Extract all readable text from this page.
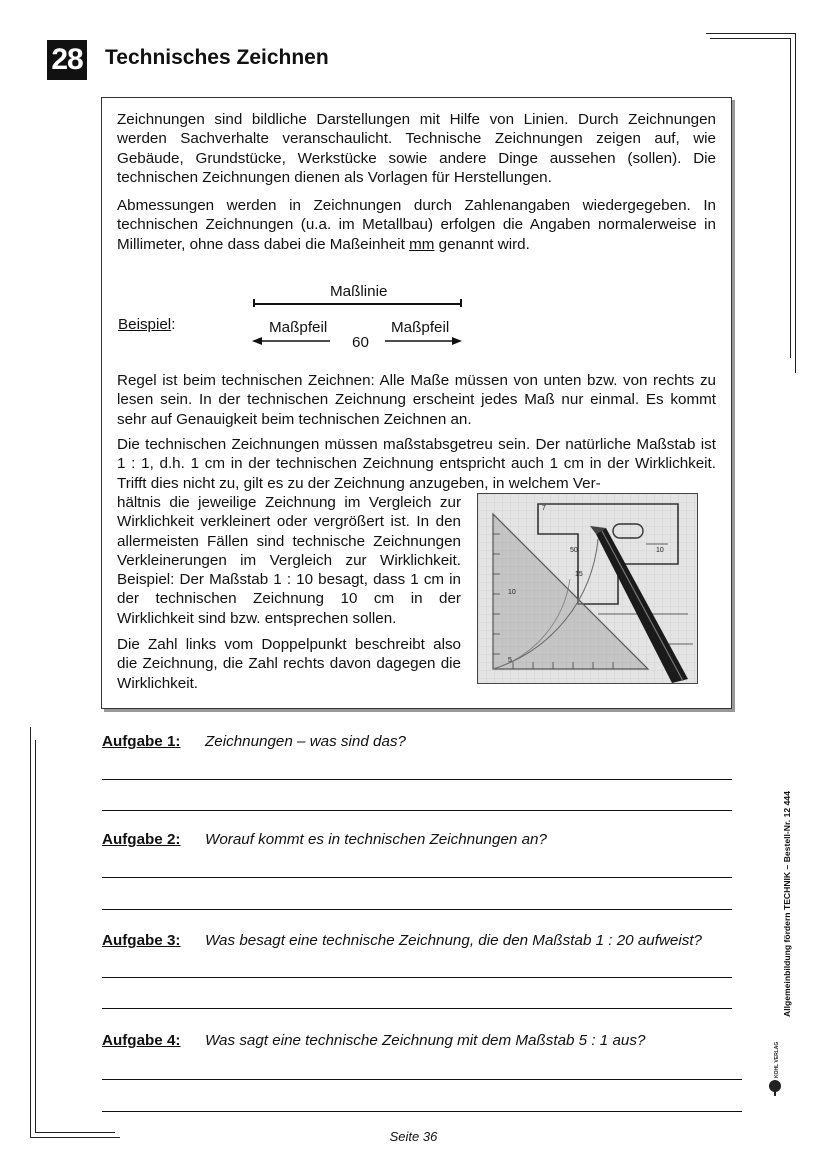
28 Technisches Zeichnen
Zeichnungen sind bildliche Darstellungen mit Hilfe von Linien. Durch Zeichnungen werden Sachverhalte veranschaulicht. Technische Zeichnungen zeigen auf, wie Gebäude, Grundstücke, Werkstücke sowie andere Dinge aussehen (sollen). Die technischen Zeichnungen dienen als Vorlagen für Herstellungen.
Abmessungen werden in Zeichnungen durch Zahlenangaben wiedergegeben. In technischen Zeichnungen (u.a. im Metallbau) erfolgen die Angaben normalerweise in Millimeter, ohne dass dabei die Maßeinheit mm genannt wird.
Beispiel:
Maßlinie
Maßpfeil	Maßpfeil
60
Regel ist beim technischen Zeichnen: Alle Maße müssen von unten bzw. von rechts zu lesen sein. In der technischen Zeichnung erscheint jedes Maß nur einmal. Es kommt sehr auf Genauigkeit beim technischen Zeichnen an.
Die technischen Zeichnungen müssen maßstabsgetreu sein. Der natürliche Maßstab ist 1 : 1, d.h. 1 cm in der technischen Zeichnung entspricht auch 1 cm in der Wirklichkeit. Trifft dies nicht zu, gilt es zu der Zeichnung anzugeben, in welchem Ver-
hältnis die jeweilige Zeichnung im Vergleich zur Wirklichkeit verkleinert oder vergrößert ist. In den allermeisten Fällen sind technische Zeichnungen Verkleinerungen im Vergleich zur Wirklichkeit. Beispiel: Der Maßstab 1 : 10 besagt, dass 1 cm in der technischen Zeichnung 10 cm in der Wirklichkeit sind bzw. entsprechen sollen.
Die Zahl links vom Doppelpunkt beschreibt also die Zeichnung, die Zahl rechts davon dagegen die Wirklichkeit.
10
50
7
15
10
5
10
Aufgabe 1: Zeichnungen – was sind das?
Aufgabe 2: Worauf kommt es in technischen Zeichnungen an?
Aufgabe 3: Was besagt eine technische Zeichnung, die den Maßstab 1 : 20 aufweist?
Aufgabe 4: Was sagt eine technische Zeichnung mit dem Maßstab 5 : 1 aus?
Allgemeinbildung fördern TECHNIK – Bestell-Nr. 12 444
KOHL VERLAG
Seite 36
